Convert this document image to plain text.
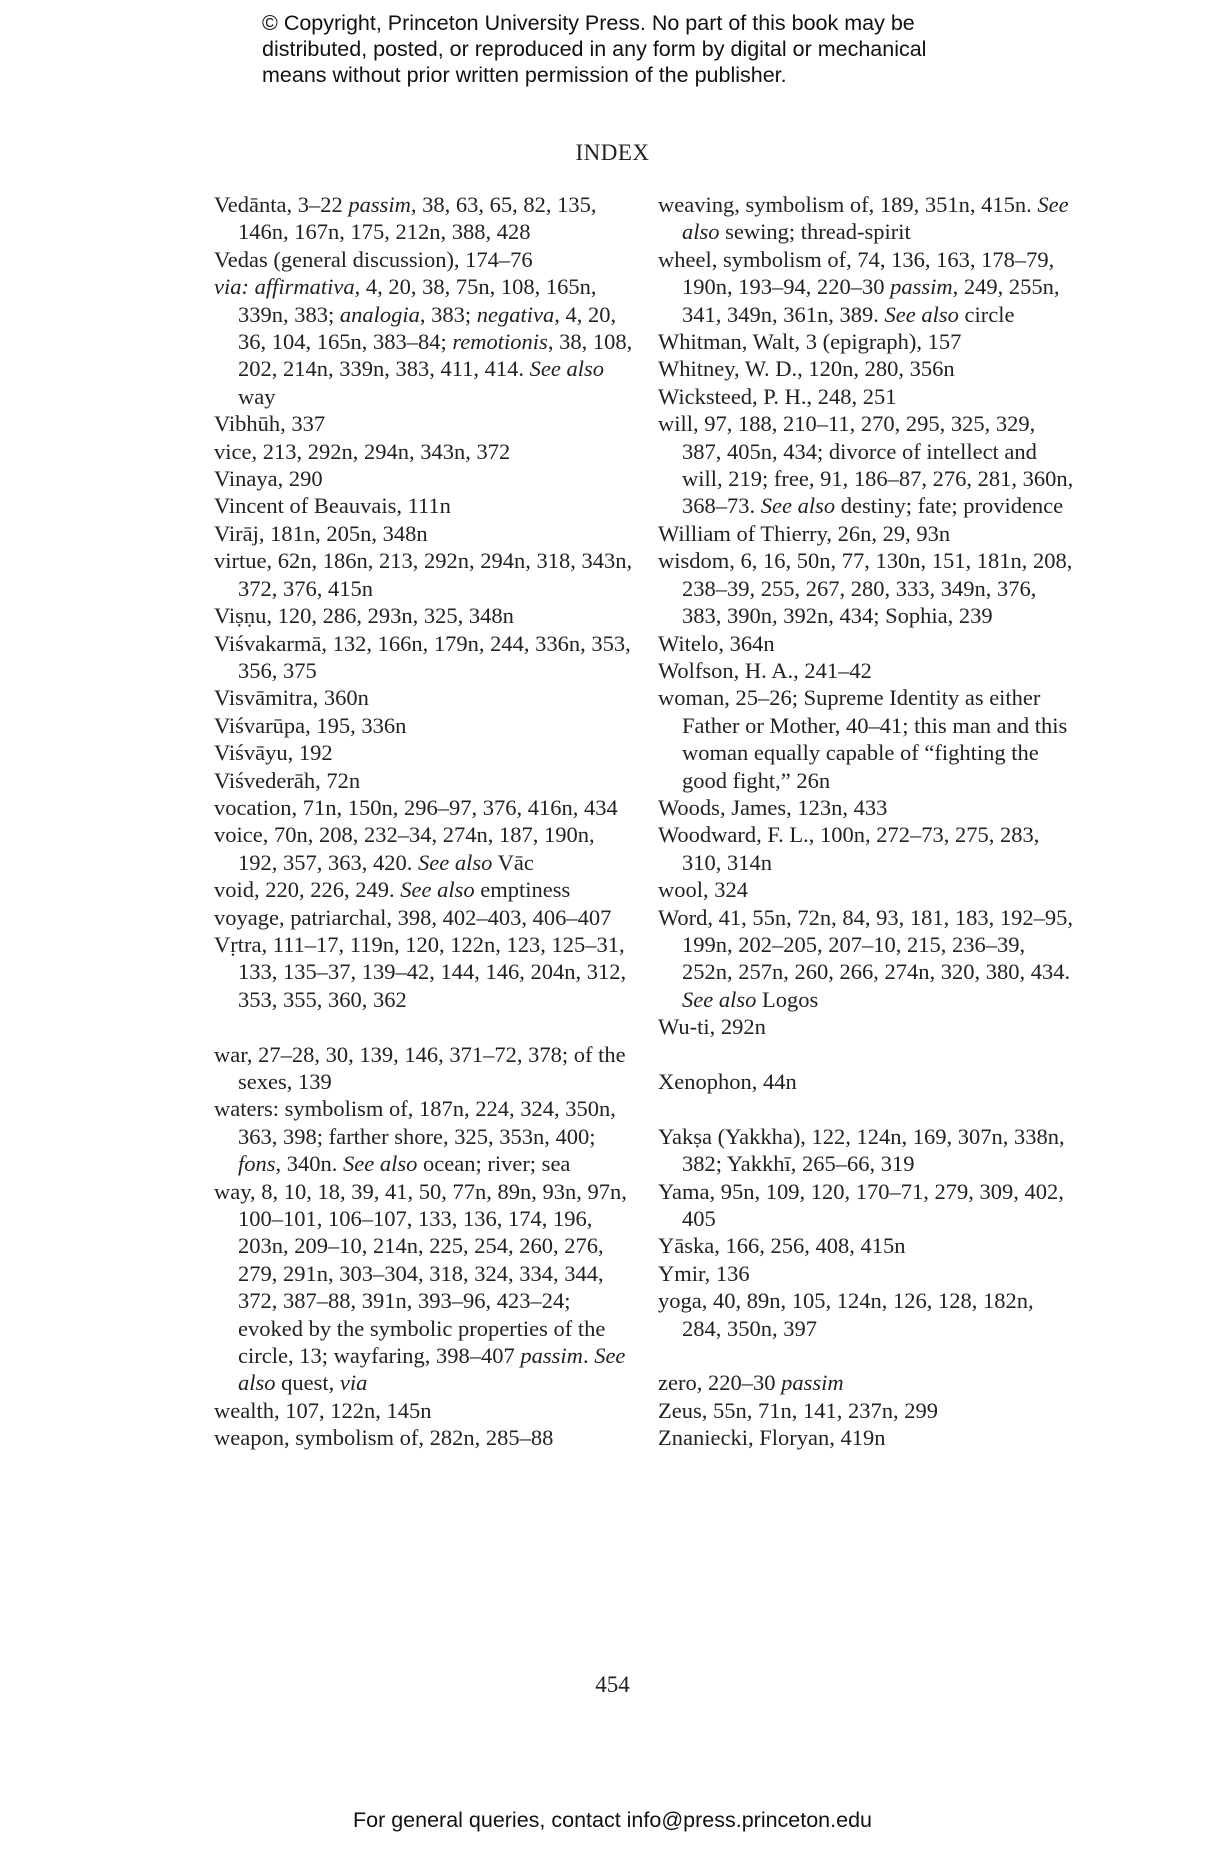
© Copyright, Princeton University Press. No part of this book may be
distributed, posted, or reproduced in any form by digital or mechanical
means without prior written permission of the publisher.
INDEX
Vedānta, 3–22 passim, 38, 63, 65, 82, 135, 146n, 167n, 175, 212n, 388, 428
Vedas (general discussion), 174–76
via: affirmativa, 4, 20, 38, 75n, 108, 165n, 339n, 383; analogia, 383; negativa, 4, 20, 36, 104, 165n, 383–84; remotionis, 38, 108, 202, 214n, 339n, 383, 411, 414. See also way
Vibhūh, 337
vice, 213, 292n, 294n, 343n, 372
Vinaya, 290
Vincent of Beauvais, 111n
Virāj, 181n, 205n, 348n
virtue, 62n, 186n, 213, 292n, 294n, 318, 343n, 372, 376, 415n
Viṣṇu, 120, 286, 293n, 325, 348n
Viśvakarmā, 132, 166n, 179n, 244, 336n, 353, 356, 375
Visvāmitra, 360n
Viśvarūpa, 195, 336n
Viśvāyu, 192
Viśvederāh, 72n
vocation, 71n, 150n, 296–97, 376, 416n, 434
voice, 70n, 208, 232–34, 274n, 187, 190n, 192, 357, 363, 420. See also Vāc
void, 220, 226, 249. See also emptiness
voyage, patriarchal, 398, 402–403, 406–407
Vṛtra, 111–17, 119n, 120, 122n, 123, 125–31, 133, 135–37, 139–42, 144, 146, 204n, 312, 353, 355, 360, 362
war, 27–28, 30, 139, 146, 371–72, 378; of the sexes, 139
waters: symbolism of, 187n, 224, 324, 350n, 363, 398; farther shore, 325, 353n, 400; fons, 340n. See also ocean; river; sea
way, 8, 10, 18, 39, 41, 50, 77n, 89n, 93n, 97n, 100–101, 106–107, 133, 136, 174, 196, 203n, 209–10, 214n, 225, 254, 260, 276, 279, 291n, 303–304, 318, 324, 334, 344, 372, 387–88, 391n, 393–96, 423–24; evoked by the symbolic properties of the circle, 13; wayfaring, 398–407 passim. See also quest, via
wealth, 107, 122n, 145n
weapon, symbolism of, 282n, 285–88
weaving, symbolism of, 189, 351n, 415n. See also sewing; thread-spirit
wheel, symbolism of, 74, 136, 163, 178–79, 190n, 193–94, 220–30 passim, 249, 255n, 341, 349n, 361n, 389. See also circle
Whitman, Walt, 3 (epigraph), 157
Whitney, W. D., 120n, 280, 356n
Wicksteed, P. H., 248, 251
will, 97, 188, 210–11, 270, 295, 325, 329, 387, 405n, 434; divorce of intellect and will, 219; free, 91, 186–87, 276, 281, 360n, 368–73. See also destiny; fate; providence
William of Thierry, 26n, 29, 93n
wisdom, 6, 16, 50n, 77, 130n, 151, 181n, 208, 238–39, 255, 267, 280, 333, 349n, 376, 383, 390n, 392n, 434; Sophia, 239
Witelo, 364n
Wolfson, H. A., 241–42
woman, 25–26; Supreme Identity as either Father or Mother, 40–41; this man and this woman equally capable of “fighting the good fight,” 26n
Woods, James, 123n, 433
Woodward, F. L., 100n, 272–73, 275, 283, 310, 314n
wool, 324
Word, 41, 55n, 72n, 84, 93, 181, 183, 192–95, 199n, 202–205, 207–10, 215, 236–39, 252n, 257n, 260, 266, 274n, 320, 380, 434. See also Logos
Wu-ti, 292n
Xenophon, 44n
Yakṣa (Yakkha), 122, 124n, 169, 307n, 338n, 382; Yakkhī, 265–66, 319
Yama, 95n, 109, 120, 170–71, 279, 309, 402, 405
Yāska, 166, 256, 408, 415n
Ymir, 136
yoga, 40, 89n, 105, 124n, 126, 128, 182n, 284, 350n, 397
zero, 220–30 passim
Zeus, 55n, 71n, 141, 237n, 299
Znaniecki, Floryan, 419n
454
For general queries, contact info@press.princeton.edu
